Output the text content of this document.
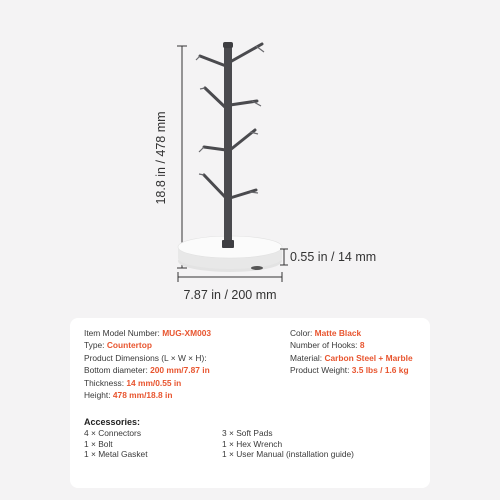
18.8 in / 478 mm
0.55 in / 14 mm
7.87 in / 200 mm
Item Model Number: MUG-XM003
Type: Countertop
Product Dimensions (L × W × H):
Bottom diameter: 200 mm/7.87 in
Thickness: 14 mm/0.55 in
Height: 478 mm/18.8 in
Color: Matte Black
Number of Hooks: 8
Material: Carbon Steel + Marble
Product Weight: 3.5 lbs / 1.6 kg
Accessories:
4 × Connectors
1 × Bolt
1 × Metal Gasket
3 × Soft Pads
1 × Hex Wrench
1 × User Manual (installation guide)
